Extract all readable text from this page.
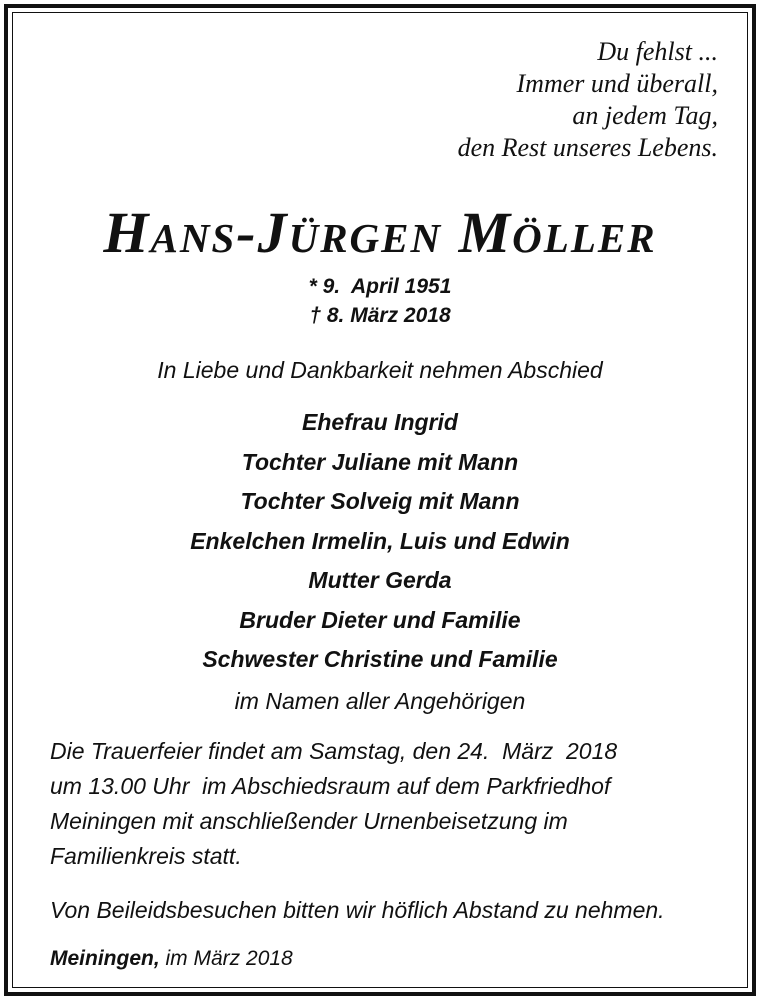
Du fehlst ...
Immer und überall,
an jedem Tag,
den Rest unseres Lebens.
Hans-Jürgen Möller
* 9.  April 1951
† 8. März 2018
In Liebe und Dankbarkeit nehmen Abschied
Ehefrau Ingrid
Tochter Juliane mit Mann
Tochter Solveig mit Mann
Enkelchen Irmelin, Luis und Edwin
Mutter Gerda
Bruder Dieter und Familie
Schwester Christine und Familie
im Namen aller Angehörigen
Die Trauerfeier findet am Samstag, den 24.  März  2018
um 13.00 Uhr  im Abschiedsraum auf dem Parkfriedhof
Meiningen mit anschließender Urnenbeisetzung im
Familienkreis statt.
Von Beileidsbesuchen bitten wir höflich Abstand zu nehmen.
Meiningen, im März 2018
